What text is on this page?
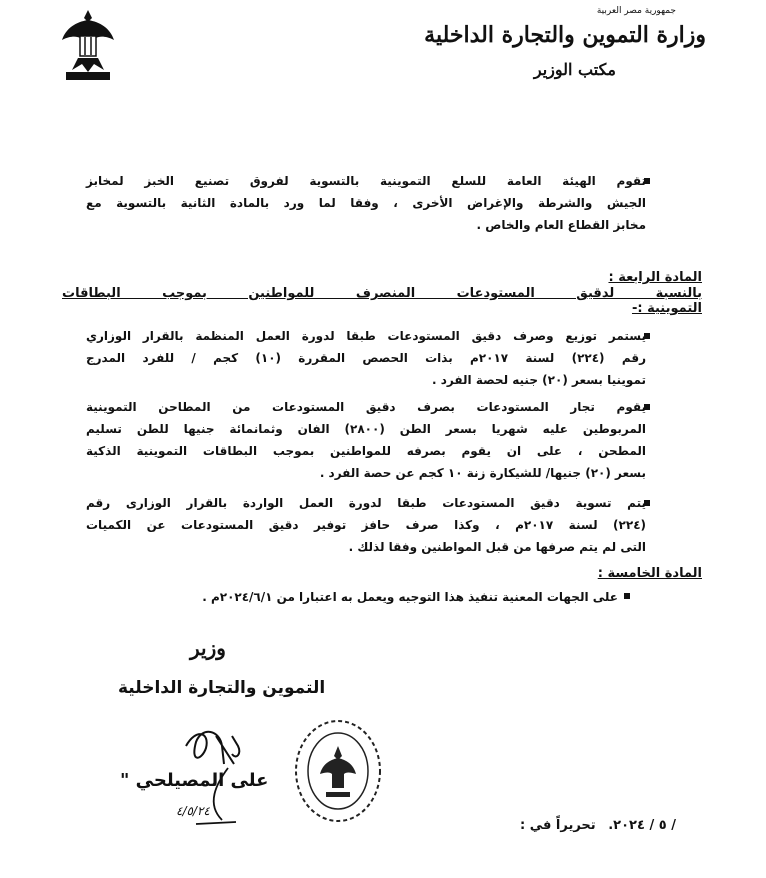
جمهورية مصر العربية
وزارة التموين والتجارة الداخلية
مكتب الوزير
تقوم الهيئة العامة للسلع التموينية بالتسوية لفروق تصنيع الخبز لمخابز
الجيش والشرطة والإغراض الأخرى ، وفقا لما ورد بالمادة الثانية بالتسوية مع
مخابز القطاع العام والخاص .
المادة الرابعة :
بالنسبة لدقيق المستودعات المنصرف للمواطنين بموجب البطاقات
التموينية :-
يستمر توزيع وصرف دقيق المستودعات طبقا لدورة العمل المنظمة بالقرار الوزاري
رقم (٢٢٤) لسنة ٢٠١٧م بذات الحصص المقررة (١٠) كجم / للفرد المدرج
تموينيا بسعر (٢٠) جنيه لحصة الفرد .
يقوم تجار المستودعات بصرف دقيق المستودعات من المطاحن التموينية
المربوطين عليه شهريا بسعر الطن (٢٨٠٠) الفان وثمانمائة جنيها للطن تسليم
المطحن ، على ان يقوم بصرفه للمواطنين بموجب البطاقات التموينية الذكية
بسعر (٢٠) جنيها/ للشيكارة زنة ١٠ كجم عن حصة الفرد .
يتم تسوية دقيق المستودعات طبقا لدورة العمل الواردة بالقرار الوزارى رقم
(٢٢٤) لسنة ٢٠١٧م ، وكذا صرف حافز توفير دقيق المستودعات عن الكميات
التى لم يتم صرفها من قبل المواطنين وفقا لذلك .
المادة الخامسة :
على الجهات المعنية تنفيذ هذا التوجيه ويعمل به اعتبارا من ٢٠٢٤/٦/١م .
وزير
التموين والتجارة الداخلية
على المصيلحي "
٤/٥/٢٤
/ ٥ / ٢٠٢٤. تحريراً في :
